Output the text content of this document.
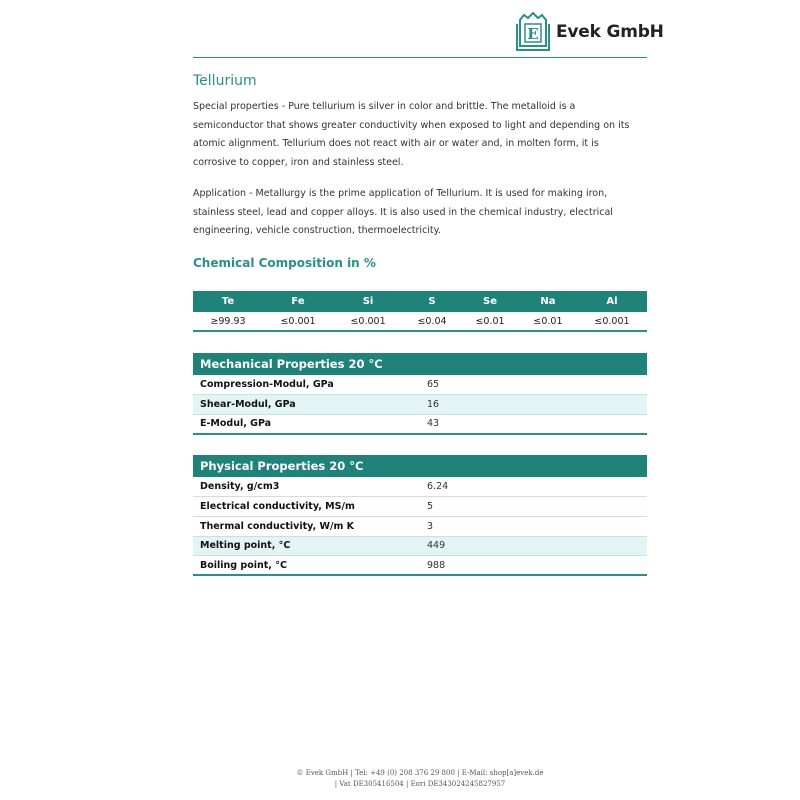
E Evek GmbH
Tellurium

Special properties - Pure tellurium is silver in color and brittle. The metalloid is a semiconductor that shows greater conductivity when exposed to light and depending on its atomic alignment. Tellurium does not react with air or water and, in molten form, it is corrosive to copper, iron and stainless steel.

Application - Metallurgy is the prime application of Tellurium. It is used for making iron, stainless steel, lead and copper alloys. It is also used in the chemical industry, electrical engineering, vehicle construction, thermoelectricity.

Chemical Composition in %
Te	Fe	Si	S	Se	Na	Al
≥99.93	≤0.001	≤0.001	≤0.04	≤0.01	≤0.01	≤0.001
Mechanical Properties 20 °C	
Compression-Modul, GPa	65
Shear-Modul, GPa	16
E-Modul, GPa	43
Physical Properties 20 °C	
Density, g/cm3	6.24
Electrical conductivity, MS/m	5
Thermal conductivity, W/m K	3
Melting point, °C	449
Boiling point, °C	988
© Evek GmbH | Tel: +49 (0) 208 376 29 800 | E-Mail: shop[a]evek.de
| Vat DE305416504 | Eori DE343024245827957
